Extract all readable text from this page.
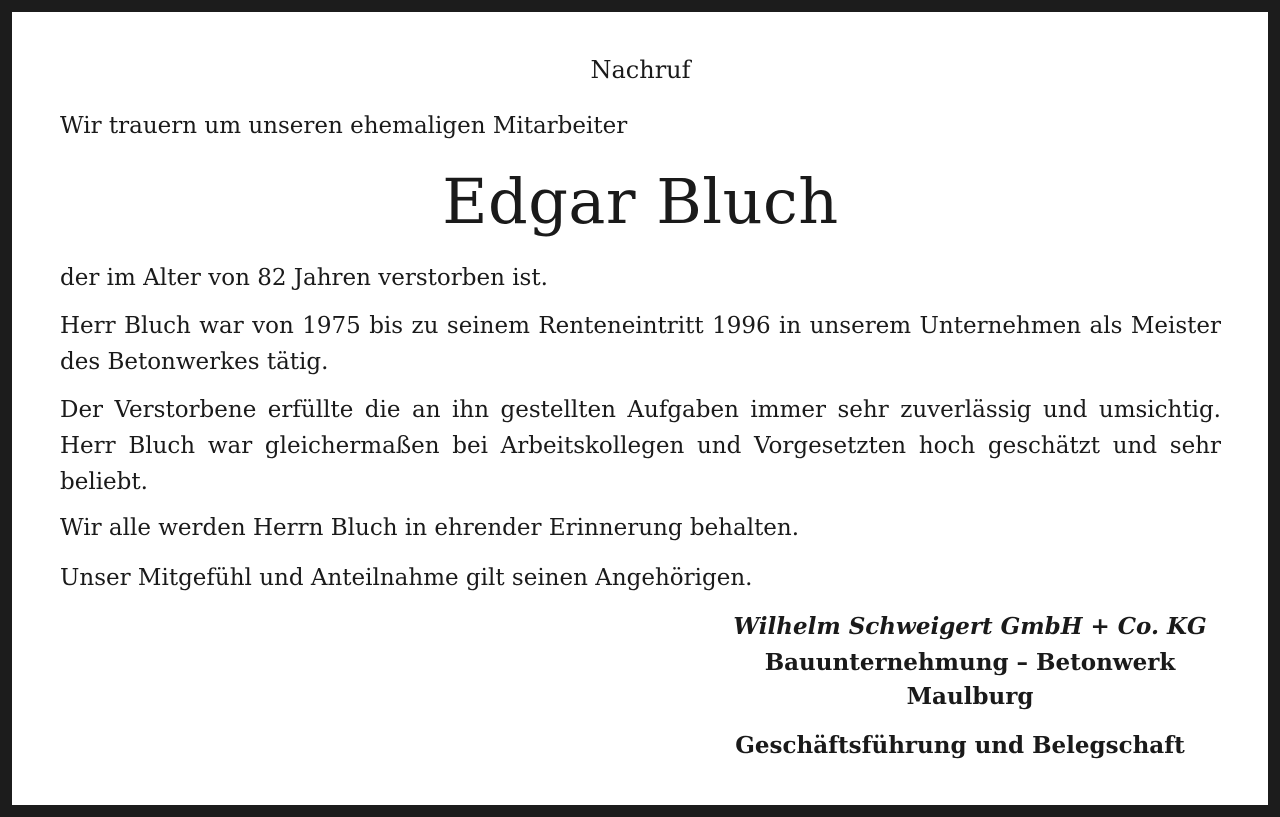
Nachruf
Wir trauern um unseren ehemaligen Mitarbeiter
Edgar Bluch
der im Alter von 82 Jahren verstorben ist.
Herr Bluch war von 1975 bis zu seinem Renteneintritt 1996 in unserem Unternehmen als Meister des Betonwerkes tätig.
Der Verstorbene erfüllte die an ihn gestellten Aufgaben immer sehr zuverlässig und umsichtig. Herr Bluch war gleichermaßen bei Arbeitskollegen und Vorgesetzten hoch geschätzt und sehr beliebt.
Wir alle werden Herrn Bluch in ehrender Erinnerung behalten.
Unser Mitgefühl und Anteilnahme gilt seinen Angehörigen.
Wilhelm Schweigert GmbH + Co. KG
Bauunternehmung – Betonwerk
Maulburg
Geschäftsführung und Belegschaft
